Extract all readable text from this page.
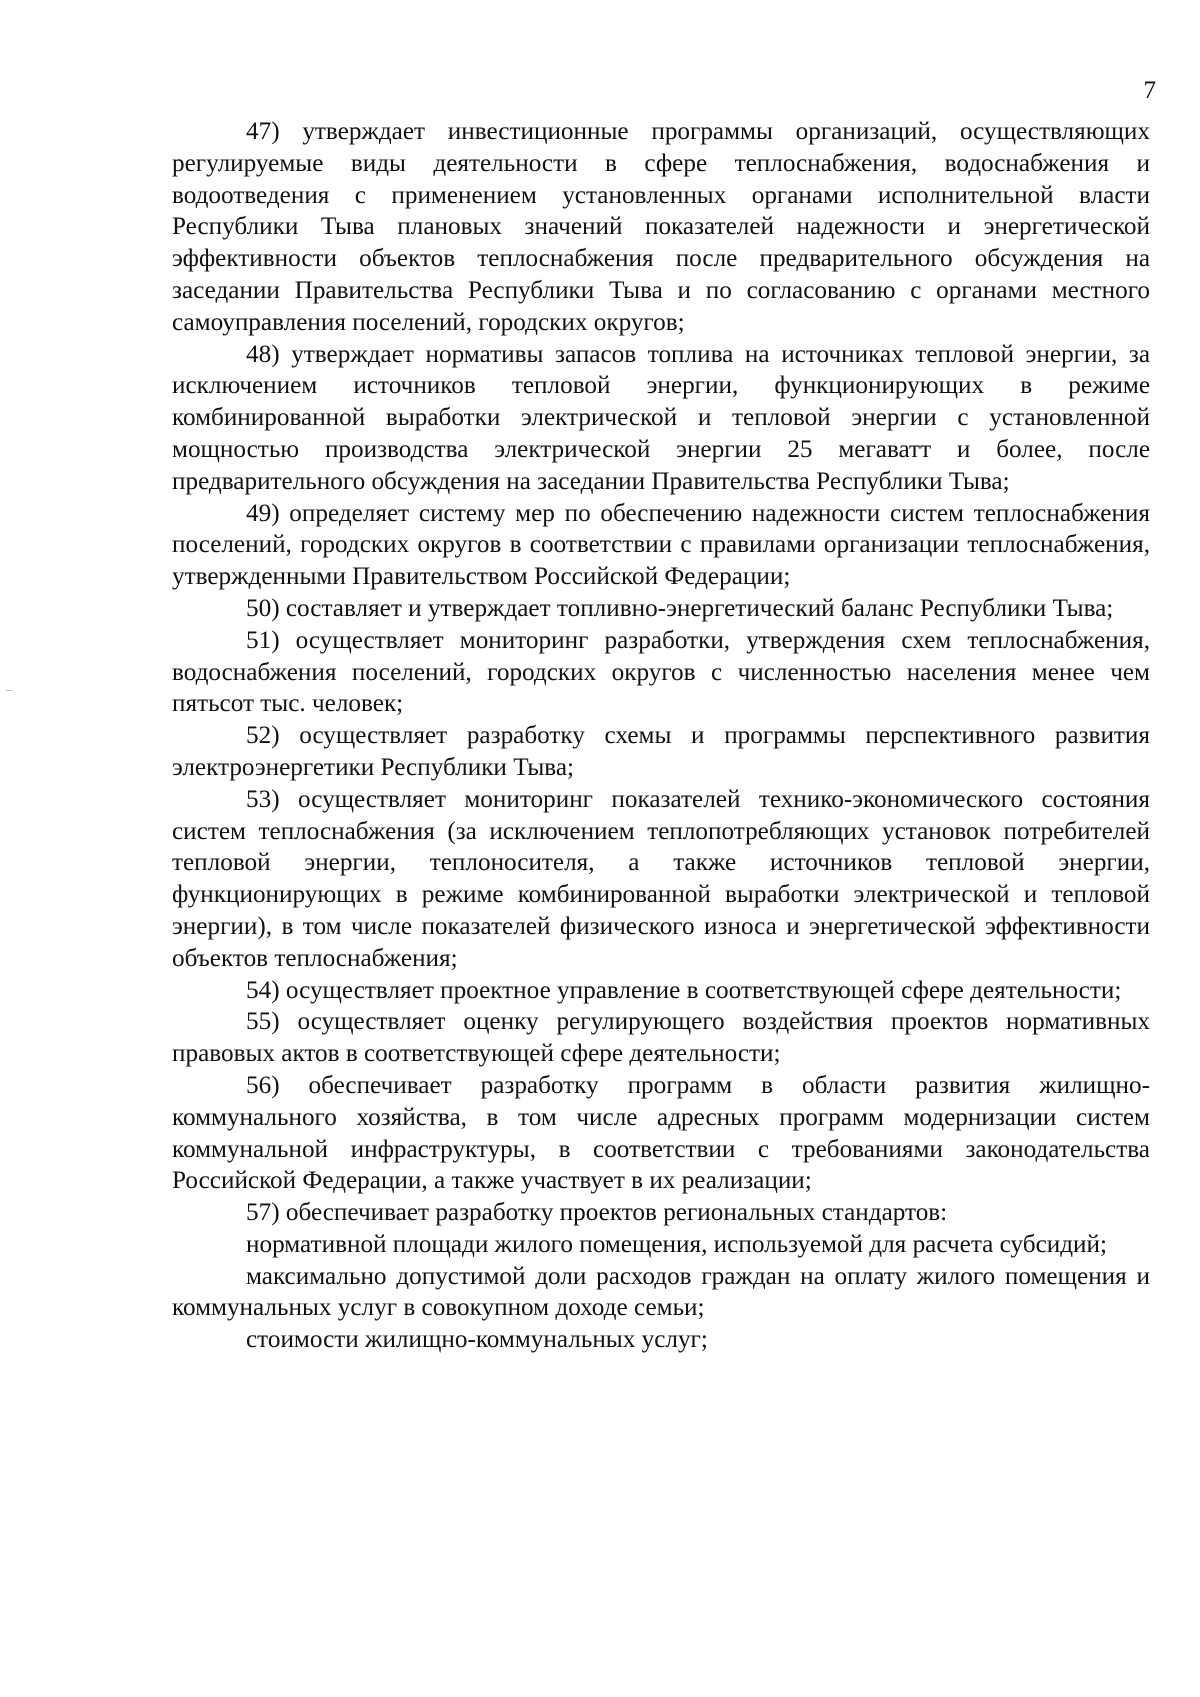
7

47) утверждает инвестиционные программы организаций, осуществляющих регулируемые виды деятельности в сфере теплоснабжения, водоснабжения и водоотведения с применением установленных органами исполнительной власти Республики Тыва плановых значений показателей надежности и энергетической эффективности объектов теплоснабжения после предварительного обсуждения на заседании Правительства Республики Тыва и по согласованию с органами местного самоуправления поселений, городских округов;

48) утверждает нормативы запасов топлива на источниках тепловой энергии, за исключением источников тепловой энергии, функционирующих в режиме комбинированной выработки электрической и тепловой энергии с установленной мощностью производства электрической энергии 25 мегаватт и более, после предварительного обсуждения на заседании Правительства Республики Тыва;

49) определяет систему мер по обеспечению надежности систем теплоснабжения поселений, городских округов в соответствии с правилами организации теплоснабжения, утвержденными Правительством Российской Федерации;

50) составляет и утверждает топливно-энергетический баланс Республики Тыва;

51) осуществляет мониторинг разработки, утверждения схем теплоснабжения, водоснабжения поселений, городских округов с численностью населения менее чем пятьсот тыс. человек;

52) осуществляет разработку схемы и программы перспективного развития электроэнергетики Республики Тыва;

53) осуществляет мониторинг показателей технико-экономического состояния систем теплоснабжения (за исключением теплопотребляющих установок потребителей тепловой энергии, теплоносителя, а также источников тепловой энергии, функционирующих в режиме комбинированной выработки электрической и тепловой энергии), в том числе показателей физического износа и энергетической эффективности объектов теплоснабжения;

54) осуществляет проектное управление в соответствующей сфере деятельности;

55) осуществляет оценку регулирующего воздействия проектов нормативных правовых актов в соответствующей сфере деятельности;

56) обеспечивает разработку программ в области развития жилищно-коммунального хозяйства, в том числе адресных программ модернизации систем коммунальной инфраструктуры, в соответствии с требованиями законодательства Российской Федерации, а также участвует в их реализации;

57) обеспечивает разработку проектов региональных стандартов:

нормативной площади жилого помещения, используемой для расчета субсидий;

максимально допустимой доли расходов граждан на оплату жилого помещения и коммунальных услуг в совокупном доходе семьи;

стоимости жилищно-коммунальных услуг;
